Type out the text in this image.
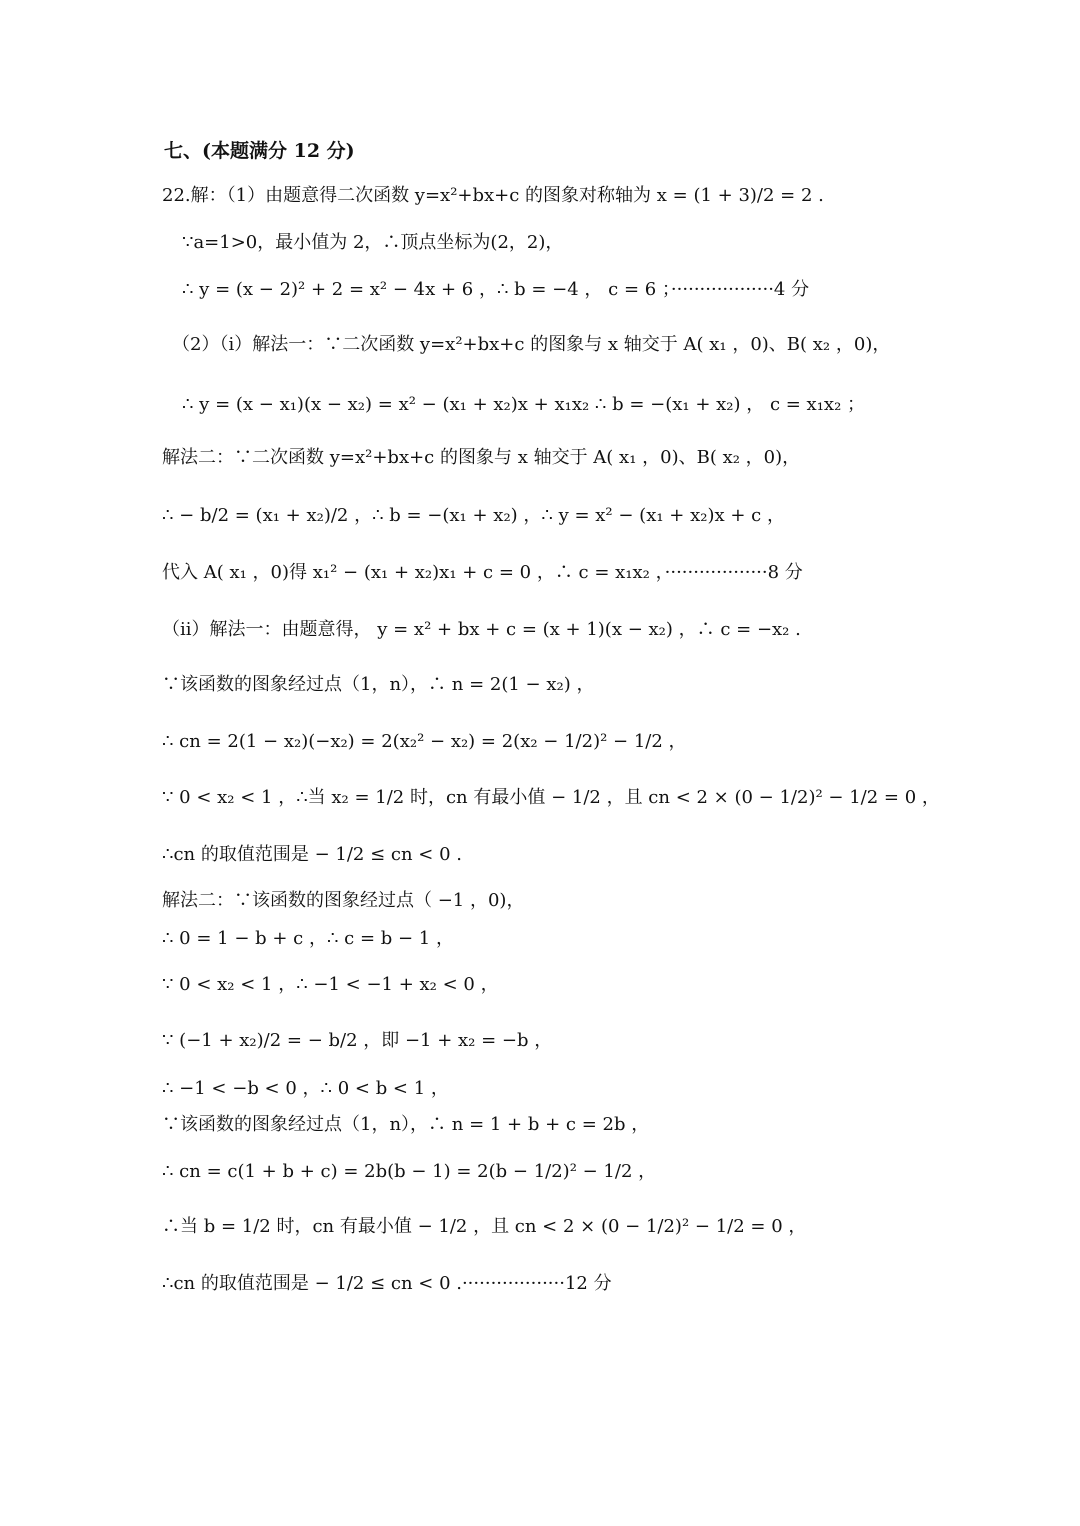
七、(本题满分 12 分)
22.解：（1）由题意得二次函数 y=x²+bx+c 的图象对称轴为 x = (1 + 3)/2 = 2 .
∵a=1>0，最小值为 2，∴顶点坐标为(2，2)，
∴ y = (x − 2)² + 2 = x² − 4x + 6 ，∴ b = −4 ， c = 6 ；··················4 分
（2）（i）解法一：∵二次函数 y=x²+bx+c 的图象与 x 轴交于 A( x₁ ，0)、B( x₂ ，0)，
∴ y = (x − x₁)(x − x₂) = x² − (x₁ + x₂)x + x₁x₂ ∴ b = −(x₁ + x₂) ， c = x₁x₂ ；
解法二：∵二次函数 y=x²+bx+c 的图象与 x 轴交于 A( x₁ ，0)、B( x₂ ，0)，
∴ − b/2 = (x₁ + x₂)/2 ，∴ b = −(x₁ + x₂) ，∴ y = x² − (x₁ + x₂)x + c ，
代入 A( x₁ ，0)得 x₁² − (x₁ + x₂)x₁ + c = 0 ，∴ c = x₁x₂ ，··················8 分
（ii）解法一：由题意得， y = x² + bx + c = (x + 1)(x − x₂) ，∴ c = −x₂ .
∵该函数的图象经过点（1，n），∴ n = 2(1 − x₂) ，
∴ cn = 2(1 − x₂)(−x₂) = 2(x₂² − x₂) = 2(x₂ − 1/2)² − 1/2 ，
∵ 0 < x₂ < 1 ，∴当 x₂ = 1/2 时，cn 有最小值 − 1/2 ，且 cn < 2 × (0 − 1/2)² − 1/2 = 0 ，
∴cn 的取值范围是 − 1/2 ≤ cn < 0 .
解法二：∵该函数的图象经过点（ −1 ，0)，
∴ 0 = 1 − b + c ，∴ c = b − 1 ，
∵ 0 < x₂ < 1 ，∴ −1 < −1 + x₂ < 0 ，
∵ (−1 + x₂)/2 = − b/2 ，即 −1 + x₂ = −b ，
∴ −1 < −b < 0 ，∴ 0 < b < 1 ，
∵该函数的图象经过点（1，n），∴ n = 1 + b + c = 2b ，
∴ cn = c(1 + b + c) = 2b(b − 1) = 2(b − 1/2)² − 1/2 ，
∴当 b = 1/2 时，cn 有最小值 − 1/2 ，且 cn < 2 × (0 − 1/2)² − 1/2 = 0 ，
∴cn 的取值范围是 − 1/2 ≤ cn < 0 .··················12 分
